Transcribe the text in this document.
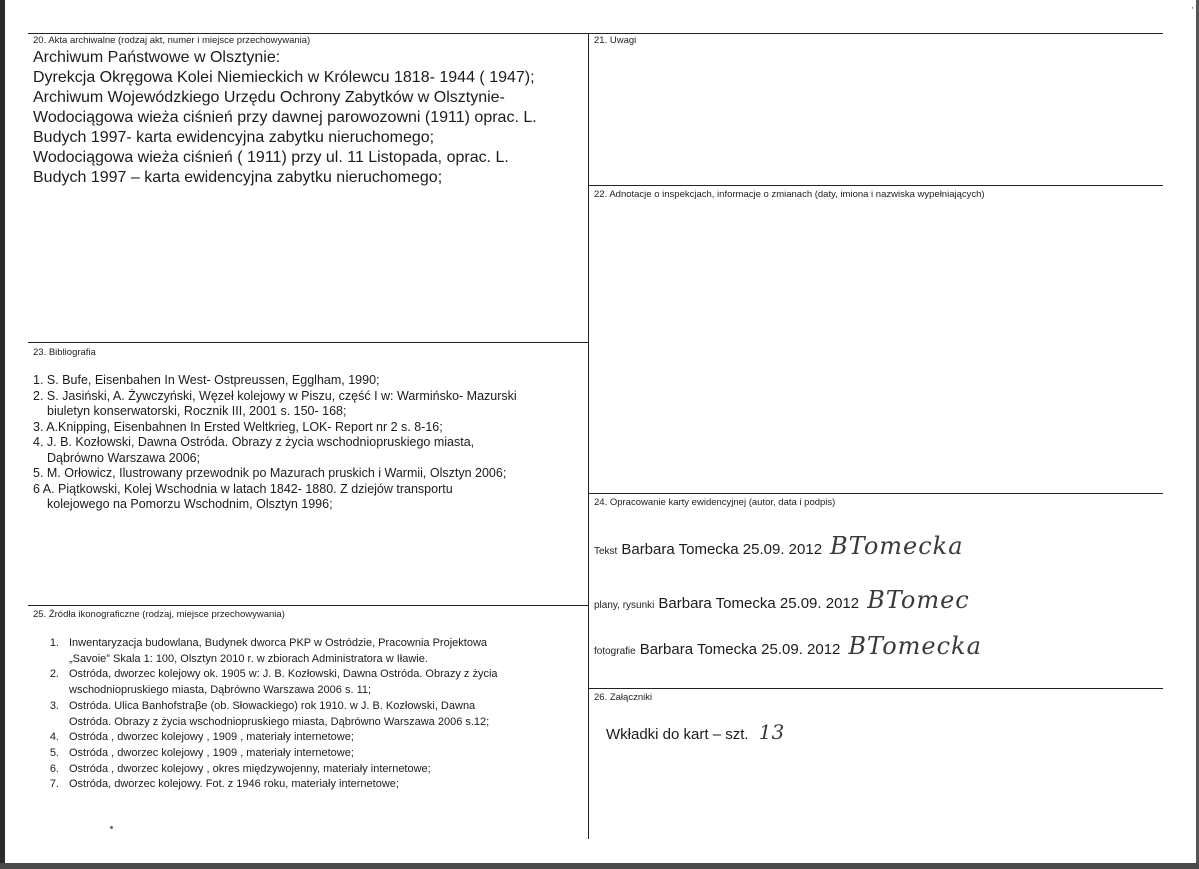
'
20. Akta archiwalne (rodzaj akt, numer i miejsce przechowywania)
Archiwum Państwowe w Olsztynie:
Dyrekcja Okręgowa Kolei Niemieckich w Królewcu 1818- 1944 ( 1947);
Archiwum Wojewódzkiego Urzędu Ochrony Zabytków w Olsztynie-
Wodociągowa wieża ciśnień przy dawnej parowozowni (1911) oprac. L.
Budych 1997- karta ewidencyjna zabytku nieruchomego;
Wodociągowa wieża ciśnień ( 1911) przy ul. 11 Listopada, oprac. L.
Budych 1997 – karta ewidencyjna zabytku nieruchomego;
21. Uwagi
22. Adnotacje o inspekcjach, informacje o zmianach (daty, imiona i nazwiska wypełniających)
23. Bibliografia
1. S. Bufe, Eisenbahen In West- Ostpreussen, Egglham, 1990;
2. S. Jasiński, A. Żywczyński, Węzeł kolejowy w Piszu, część I w: Warmińsko- Mazurski
biuletyn konserwatorski, Rocznik III, 2001 s. 150- 168;
3. A.Knipping, Eisenbahnen In Ersted Weltkrieg, LOK- Report nr 2 s. 8-16;
4. J. B. Kozłowski, Dawna Ostróda. Obrazy z życia wschodniopruskiego miasta,
Dąbrówno Warszawa 2006;
5. M. Orłowicz, Ilustrowany przewodnik po Mazurach pruskich i Warmii, Olsztyn 2006;
6 A. Piątkowski, Kolej Wschodnia w latach 1842- 1880. Z dziejów transportu
kolejowego na Pomorzu Wschodnim, Olsztyn 1996;	24. Opracowanie karty ewidencyjnej (autor, data i podpis)
Tekst Barbara Tomecka 25.09. 2012 BTomecka
plany, rysunki Barbara Tomecka 25.09. 2012 BTomec
fotografie Barbara Tomecka 25.09. 2012 BTomecka
25. Źródła ikonograficzne (rodzaj, miejsce przechowywania)
1. Inwentaryzacja budowlana, Budynek dworca PKP w Ostródzie, Pracownia Projektowa
„Savoie” Skala 1: 100, Olsztyn 2010 r. w zbiorach Administratora w Iławie.
2. Ostróda, dworzec kolejowy ok. 1905 w: J. B. Kozłowski, Dawna Ostróda. Obrazy z życia
wschodniopruskiego miasta, Dąbrówno Warszawa 2006 s. 11;
3. Ostróda. Ulica Banhofstraβe (ob. Słowackiego) rok 1910. w J. B. Kozłowski, Dawna
Ostróda. Obrazy z życia wschodniopruskiego miasta, Dąbrówno Warszawa 2006 s.12;
4. Ostróda , dworzec kolejowy , 1909 , materiały internetowe;
5. Ostróda , dworzec kolejowy , 1909 , materiały internetowe;
6. Ostróda , dworzec kolejowy , okres międzywojenny, materiały internetowe;
7. Ostróda, dworzec kolejowy. Fot. z 1946 roku, materiały internetowe;
26. Załączniki
Wkładki do kart – szt. 13
